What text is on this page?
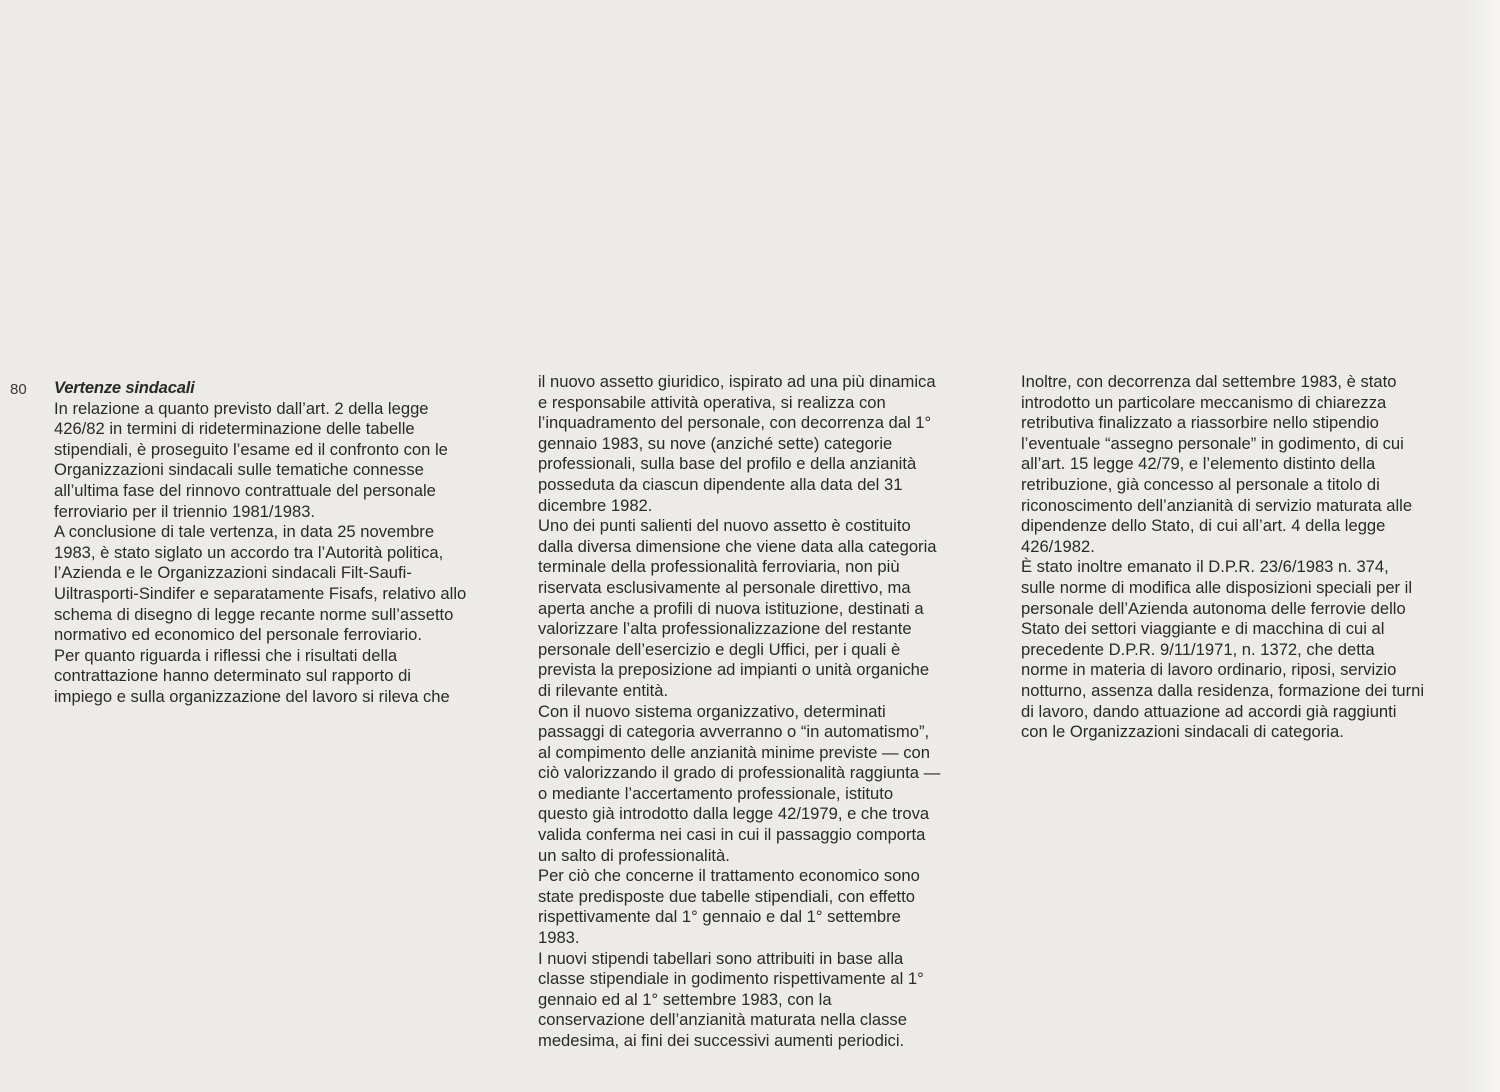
80 Vertenze sindacali

In relazione a quanto previsto dall’art. 2 della legge
426/82 in termini di rideterminazione delle tabelle
stipendiali, è proseguito l’esame ed il confronto con le
Organizzazioni sindacali sulle tematiche connesse
all’ultima fase del rinnovo contrattuale del personale
ferroviario per il triennio 1981/1983.

A conclusione di tale vertenza, in data 25 novembre
1983, è stato siglato un accordo tra l’Autorità politica,
l’Azienda e le Organizzazioni sindacali Filt-Saufi-
Uiltrasporti-Sindifer e separatamente Fisafs, relativo allo
schema di disegno di legge recante norme sull’assetto
normativo ed economico del personale ferroviario.

Per quanto riguarda i riflessi che i risultati della
contrattazione hanno determinato sul rapporto di
impiego e sulla organizzazione del lavoro si rileva che

il nuovo assetto giuridico, ispirato ad una più dinamica
e responsabile attività operativa, si realizza con
l’inquadramento del personale, con decorrenza dal 1°
gennaio 1983, su nove (anziché sette) categorie
professionali, sulla base del profilo e della anzianità
posseduta da ciascun dipendente alla data del 31
dicembre 1982.

Uno dei punti salienti del nuovo assetto è costituito
dalla diversa dimensione che viene data alla categoria
terminale della professionalità ferroviaria, non più
riservata esclusivamente al personale direttivo, ma
aperta anche a profili di nuova istituzione, destinati a
valorizzare l’alta professionalizzazione del restante
personale dell’esercizio e degli Uffici, per i quali è
prevista la preposizione ad impianti o unità organiche
di rilevante entità.

Con il nuovo sistema organizzativo, determinati
passaggi di categoria avverranno o “in automatismo”,
al compimento delle anzianità minime previste — con
ciò valorizzando il grado di professionalità raggiunta —
o mediante l’accertamento professionale, istituto
questo già introdotto dalla legge 42/1979, e che trova
valida conferma nei casi in cui il passaggio comporta
un salto di professionalità.

Per ciò che concerne il trattamento economico sono
state predisposte due tabelle stipendiali, con effetto
rispettivamente dal 1° gennaio e dal 1° settembre
1983.

I nuovi stipendi tabellari sono attribuiti in base alla
classe stipendiale in godimento rispettivamente al 1°
gennaio ed al 1° settembre 1983, con la
conservazione dell’anzianità maturata nella classe
medesima, ai fini dei successivi aumenti periodici.

Inoltre, con decorrenza dal settembre 1983, è stato
introdotto un particolare meccanismo di chiarezza
retributiva finalizzato a riassorbire nello stipendio
l’eventuale “assegno personale” in godimento, di cui
all’art. 15 legge 42/79, e l’elemento distinto della
retribuzione, già concesso al personale a titolo di
riconoscimento dell’anzianità di servizio maturata alle
dipendenze dello Stato, di cui all’art. 4 della legge
426/1982.

È stato inoltre emanato il D.P.R. 23/6/1983 n. 374,
sulle norme di modifica alle disposizioni speciali per il
personale dell’Azienda autonoma delle ferrovie dello
Stato dei settori viaggiante e di macchina di cui al
precedente D.P.R. 9/11/1971, n. 1372, che detta
norme in materia di lavoro ordinario, riposi, servizio
notturno, assenza dalla residenza, formazione dei turni
di lavoro, dando attuazione ad accordi già raggiunti
con le Organizzazioni sindacali di categoria.
